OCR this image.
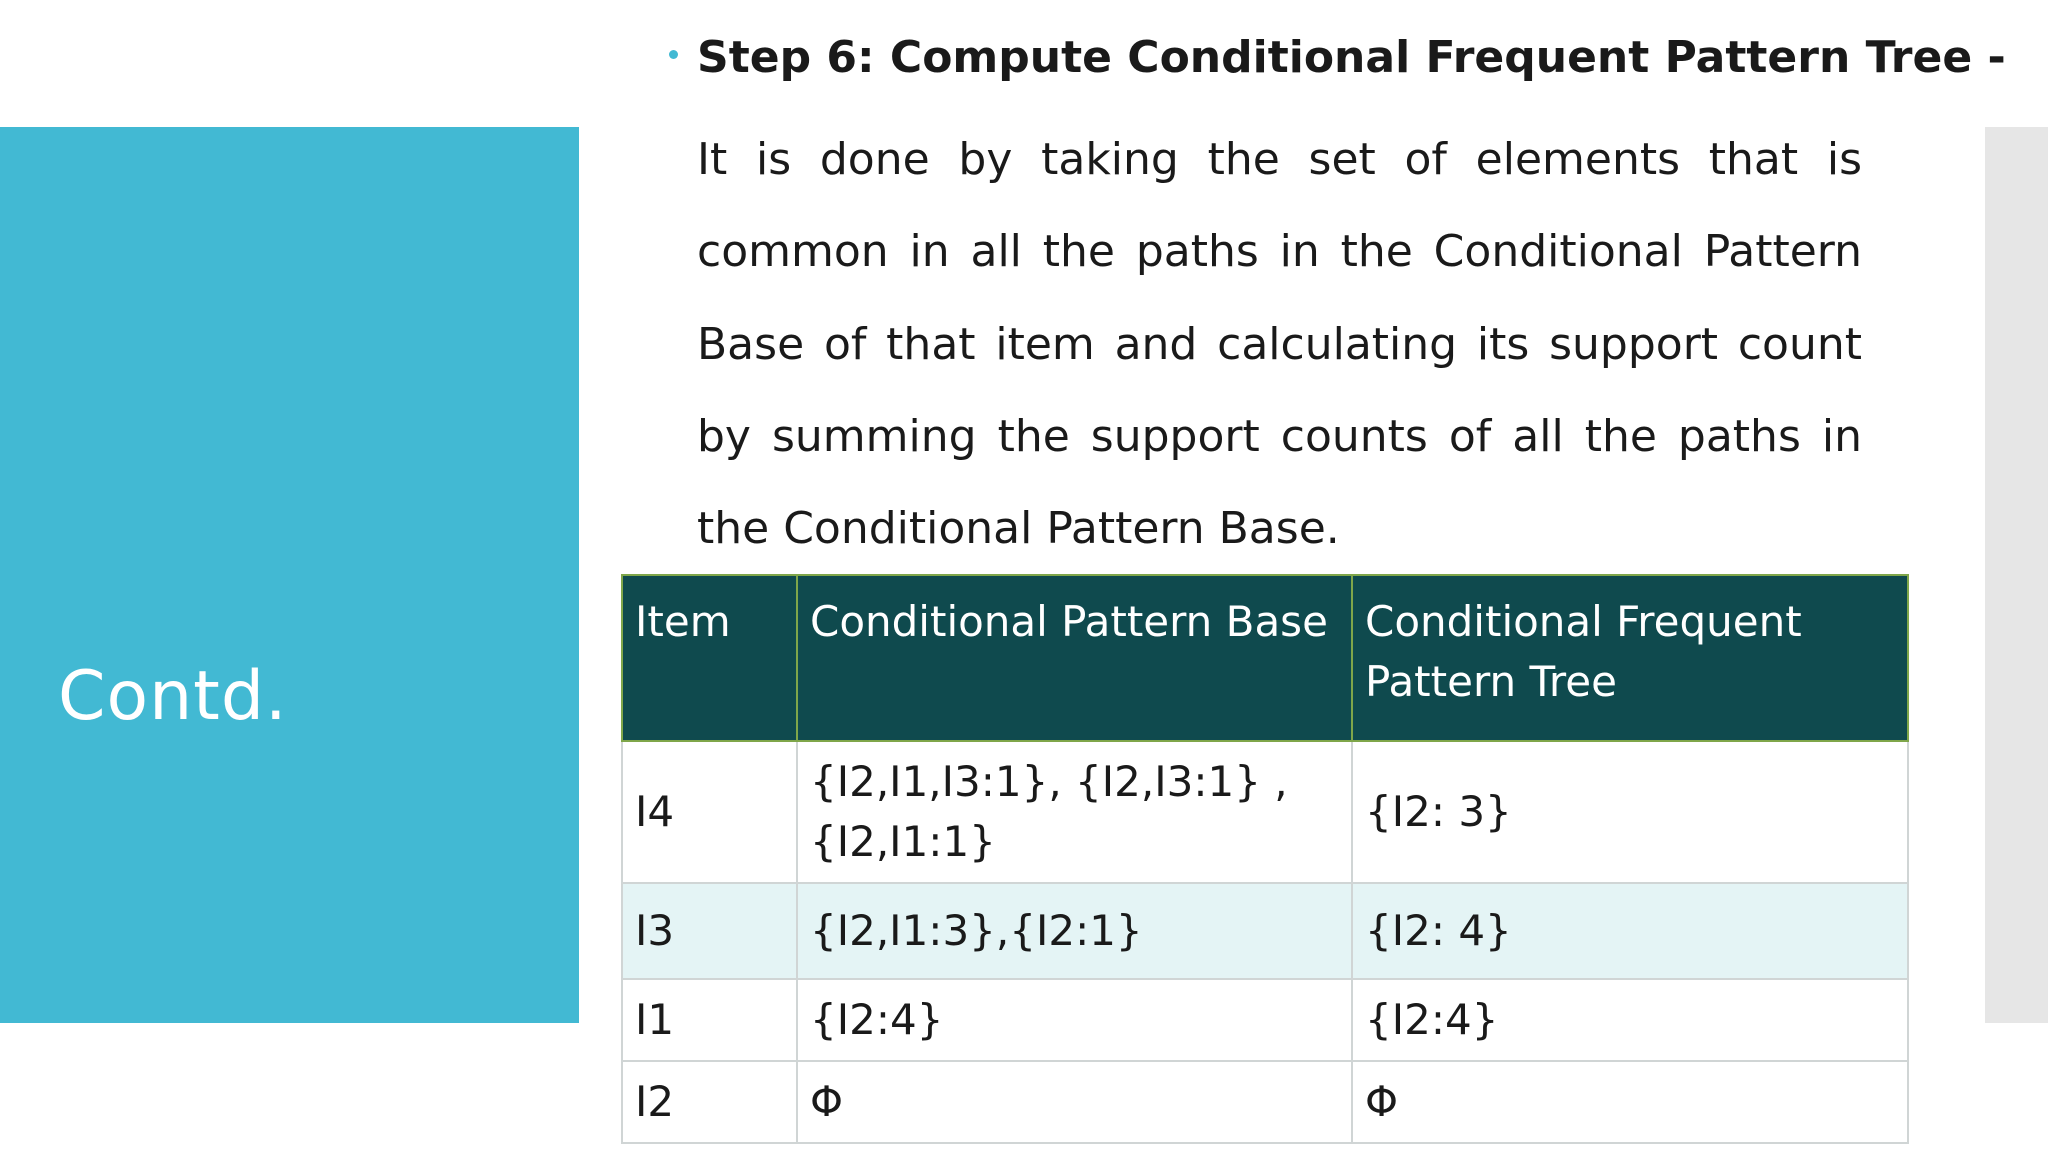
Contd.
Step 6: Compute Conditional Frequent Pattern Tree -
It is done by taking the set of elements that is common in all the paths in the Conditional Pattern Base of that item and calculating its support count by summing the support counts of all the paths in the Conditional Pattern Base.
Item	Conditional Pattern Base	Conditional Frequent Pattern Tree
I4	{I2,I1,I3:1}, {I2,I3:1} , {I2,I1:1}	{I2: 3}
I3	{I2,I1:3},{I2:1}	{I2: 4}
I1	{I2:4}	{I2:4}
I2	Φ	Φ
